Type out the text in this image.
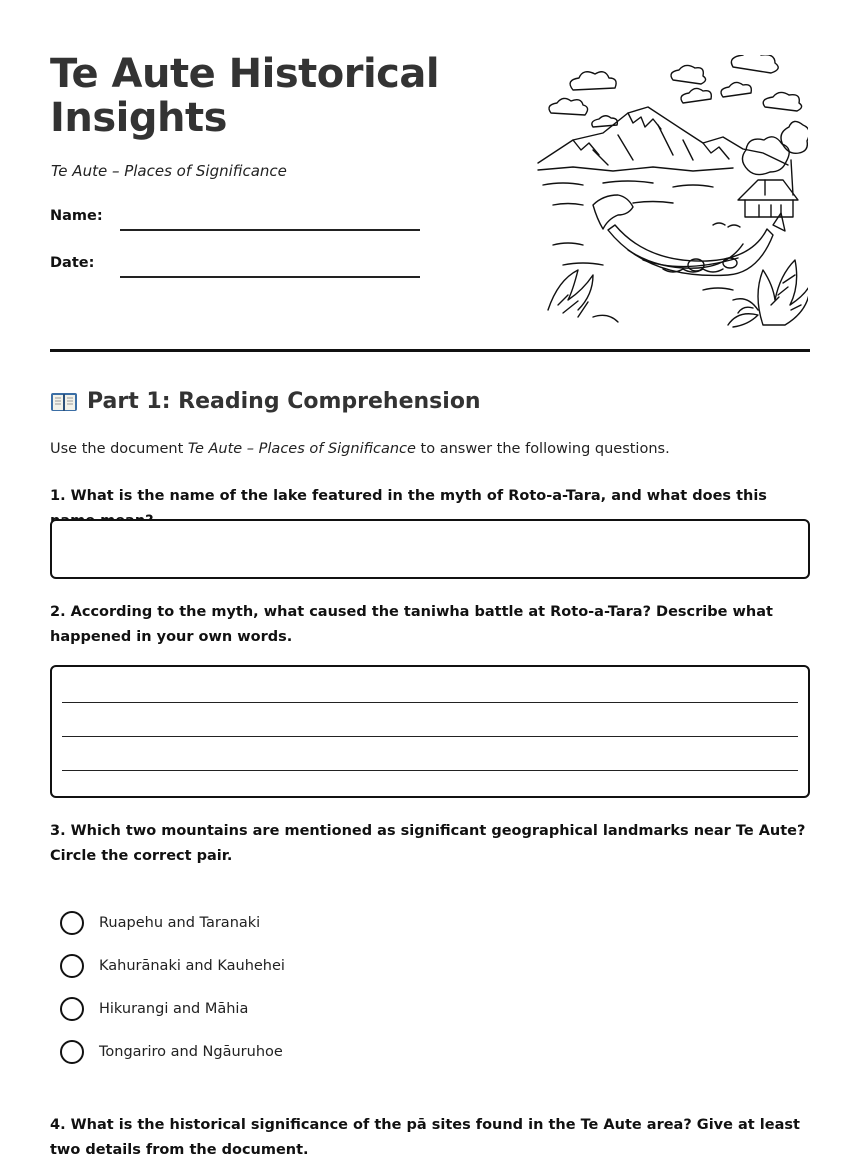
Te Aute Historical Insights
Te Aute – Places of Significance
Name:
Date:
Part 1: Reading Comprehension
Use the document Te Aute – Places of Significance to answer the following questions.

1. What is the name of the lake featured in the myth of Roto-a-Tara, and what does this

2. According to the myth, what caused the taniwha battle at Roto-a-Tara? Describe what happened in your own words.

3. Which two mountains are mentioned as significant geographical landmarks near Te Aute? Circle the correct pair.

Ruapehu and Taranaki
Kahurānaki and Kauhehei
Hikurangi and Māhia
Tongariro and Ngāuruhoe

4. What is the historical significance of the pā sites found in the Te Aute area? Give at least two details from the document.
